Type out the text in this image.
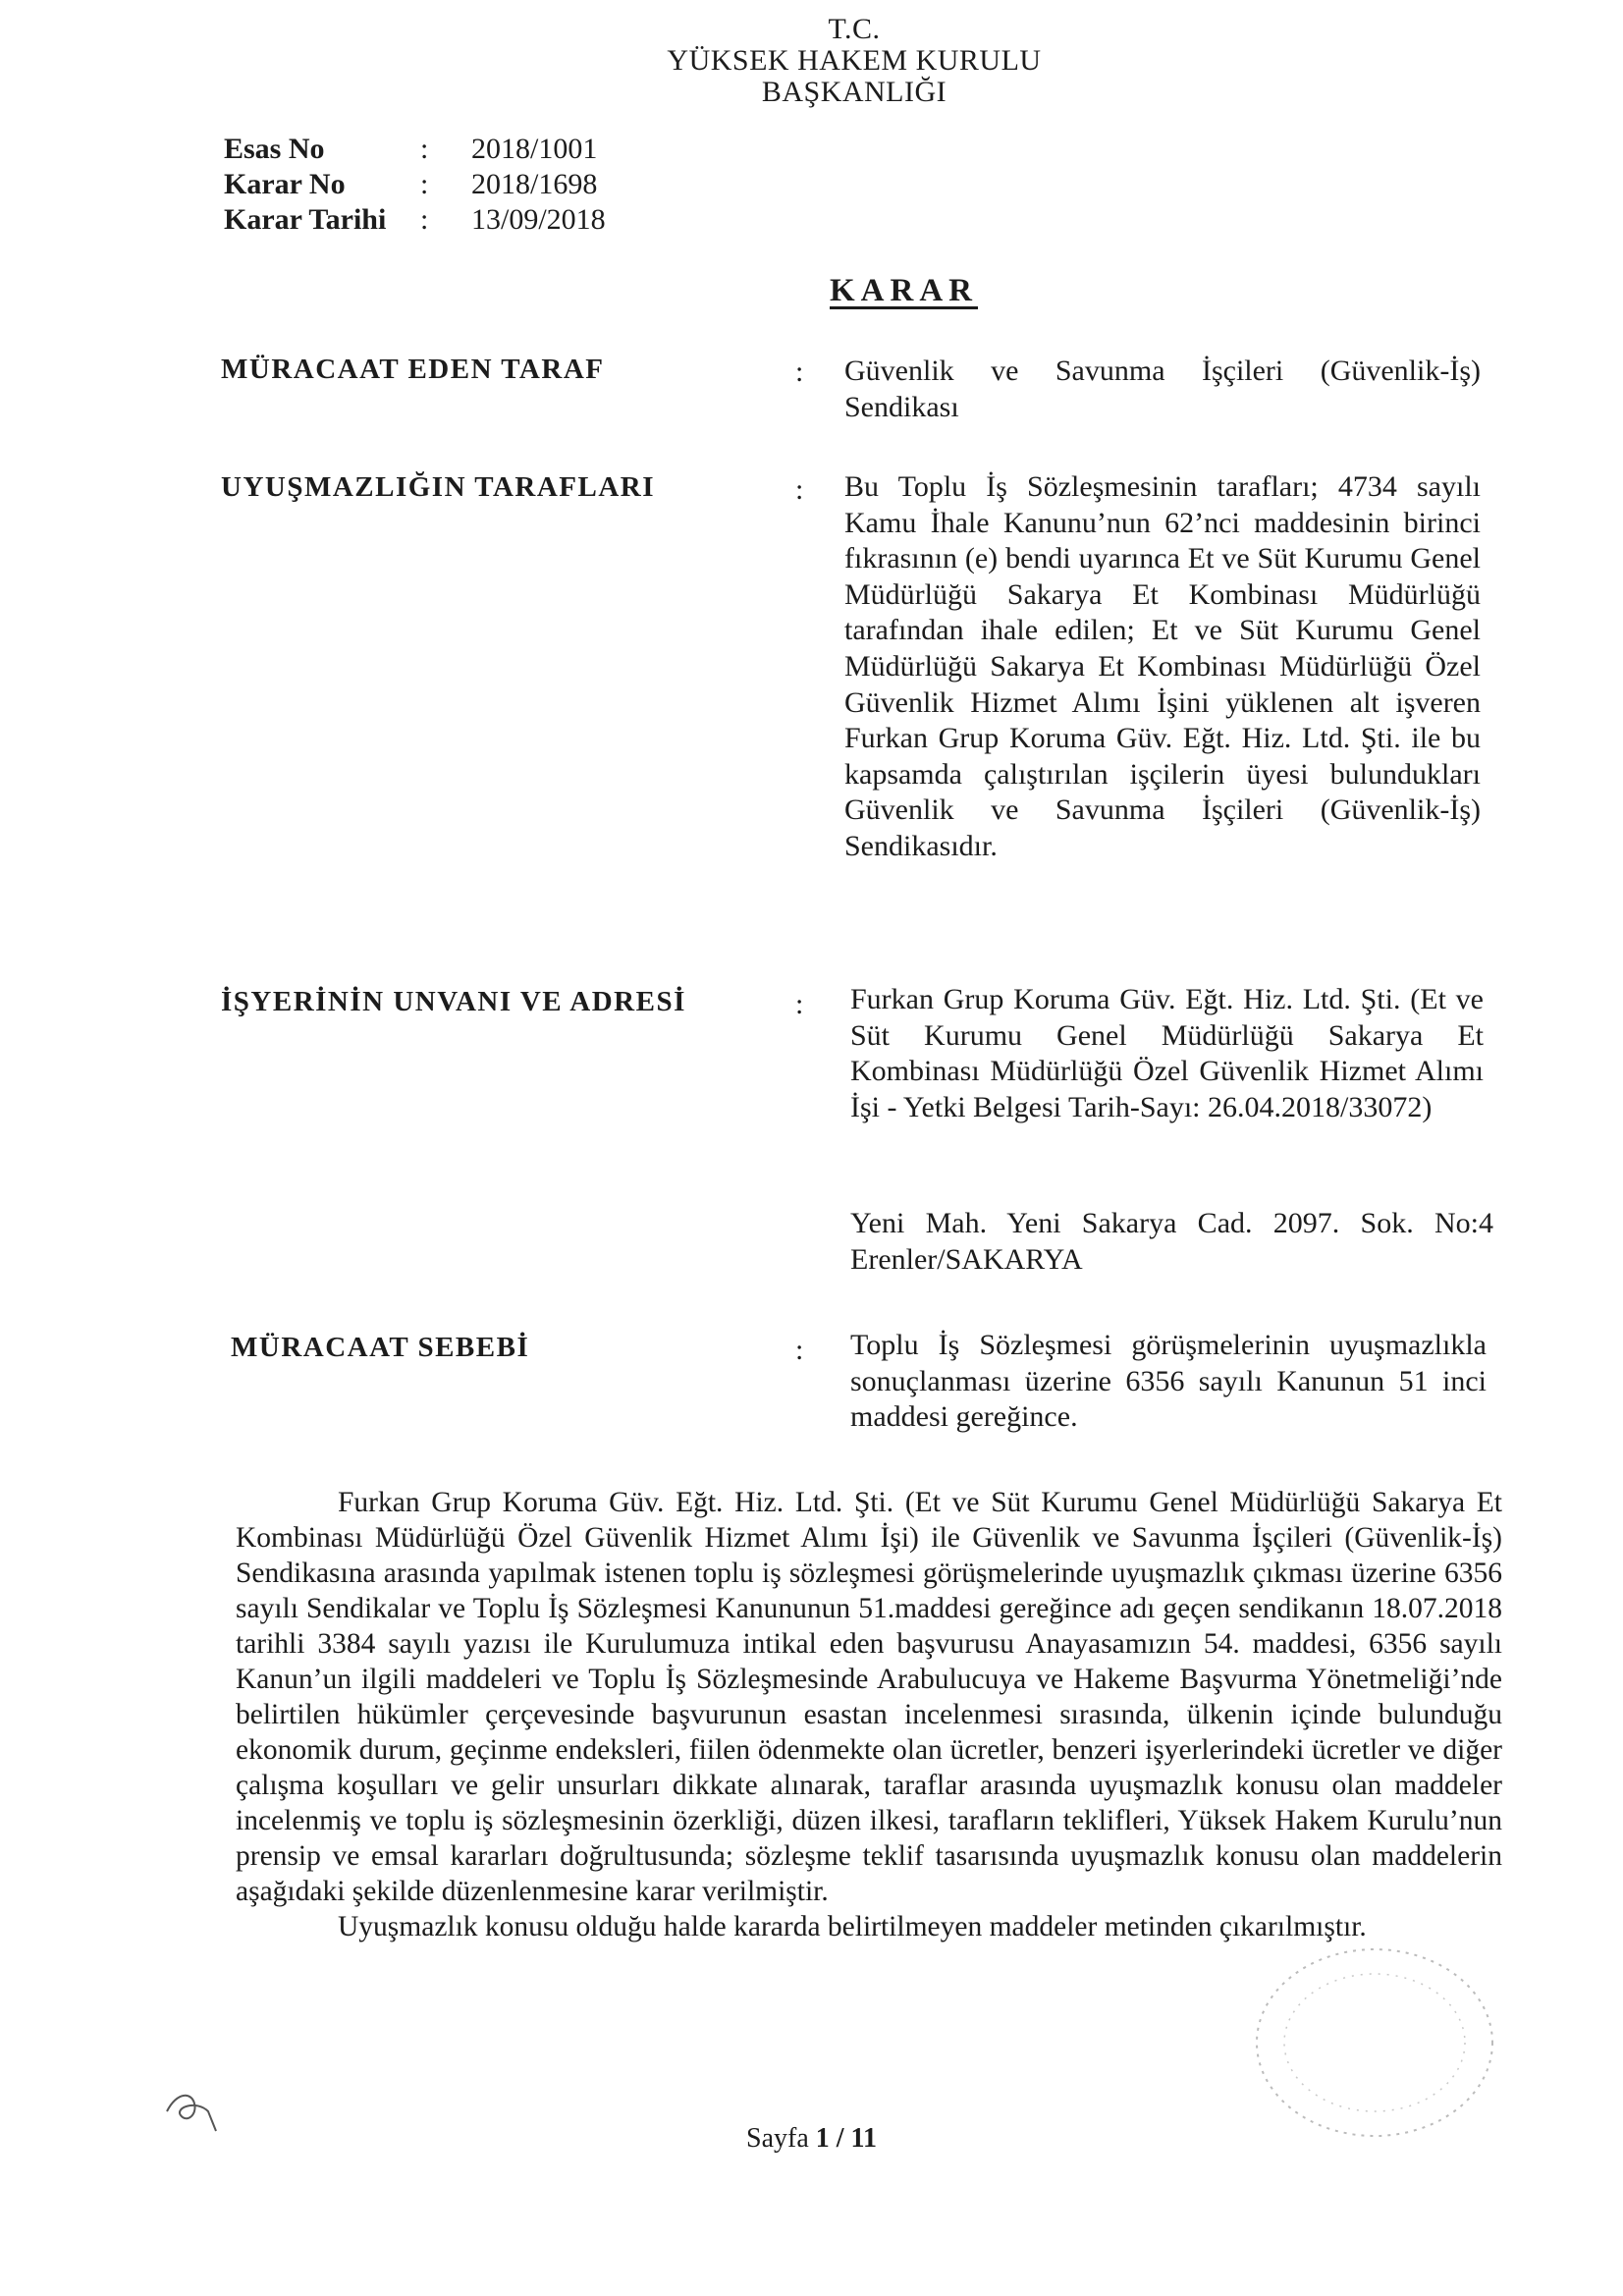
T.C.
YÜKSEK HAKEM KURULU
BAŞKANLIĞI
Esas No	:	2018/1001
Karar No	:	2018/1698
Karar Tarihi	:	13/09/2018
KARAR
MÜRACAAT EDEN TARAF	: Güvenlik ve Savunma İşçileri (Güvenlik-İş) Sendikası
UYUŞMAZLIĞIN TARAFLARI	: Bu Toplu İş Sözleşmesinin tarafları; 4734 sayılı Kamu İhale Kanunu’nun 62’nci maddesinin birinci fıkrasının (e) bendi uyarınca Et ve Süt Kurumu Genel Müdürlüğü Sakarya Et Kombinası Müdürlüğü tarafından ihale edilen; Et ve Süt Kurumu Genel Müdürlüğü Sakarya Et Kombinası Müdürlüğü Özel Güvenlik Hizmet Alımı İşini yüklenen alt işveren Furkan Grup Koruma Güv. Eğt. Hiz. Ltd. Şti. ile bu kapsamda çalıştırılan işçilerin üyesi bulundukları Güvenlik ve Savunma İşçileri (Güvenlik-İş) Sendikasıdır.
İŞYERİNİN UNVANI VE ADRESİ	: Furkan Grup Koruma Güv. Eğt. Hiz. Ltd. Şti. (Et ve Süt Kurumu Genel Müdürlüğü Sakarya Et Kombinası Müdürlüğü Özel Güvenlik Hizmet Alımı İşi - Yetki Belgesi Tarih-Sayı: 26.04.2018/33072)
Yeni Mah. Yeni Sakarya Cad. 2097. Sok. No:4 Erenler/SAKARYA
MÜRACAAT SEBEBİ	: Toplu İş Sözleşmesi görüşmelerinin uyuşmazlıkla sonuçlanması üzerine 6356 sayılı Kanunun 51 inci maddesi gereğince.
Furkan Grup Koruma Güv. Eğt. Hiz. Ltd. Şti. (Et ve Süt Kurumu Genel Müdürlüğü Sakarya Et Kombinası Müdürlüğü Özel Güvenlik Hizmet Alımı İşi) ile Güvenlik ve Savunma İşçileri (Güvenlik-İş) Sendikasına arasında yapılmak istenen toplu iş sözleşmesi görüşmelerinde uyuşmazlık çıkması üzerine 6356 sayılı Sendikalar ve Toplu İş Sözleşmesi Kanununun 51.maddesi gereğince adı geçen sendikanın 18.07.2018 tarihli 3384 sayılı yazısı ile Kurulumuza intikal eden başvurusu Anayasamızın 54. maddesi, 6356 sayılı Kanun’un ilgili maddeleri ve Toplu İş Sözleşmesinde Arabulucuya ve Hakeme Başvurma Yönetmeliği’nde belirtilen hükümler çerçevesinde başvurunun esastan incelenmesi sırasında, ülkenin içinde bulunduğu ekonomik durum, geçinme endeksleri, fiilen ödenmekte olan ücretler, benzeri işyerlerindeki ücretler ve diğer çalışma koşulları ve gelir unsurları dikkate alınarak, taraflar arasında uyuşmazlık konusu olan maddeler incelenmiş ve toplu iş sözleşmesinin özerkliği, düzen ilkesi, tarafların teklifleri, Yüksek Hakem Kurulu’nun prensip ve emsal kararları doğrultusunda; sözleşme teklif tasarısında uyuşmazlık konusu olan maddelerin aşağıdaki şekilde düzenlenmesine karar verilmiştir.
Uyuşmazlık konusu olduğu halde kararda belirtilmeyen maddeler metinden çıkarılmıştır.
Sayfa 1 / 11
